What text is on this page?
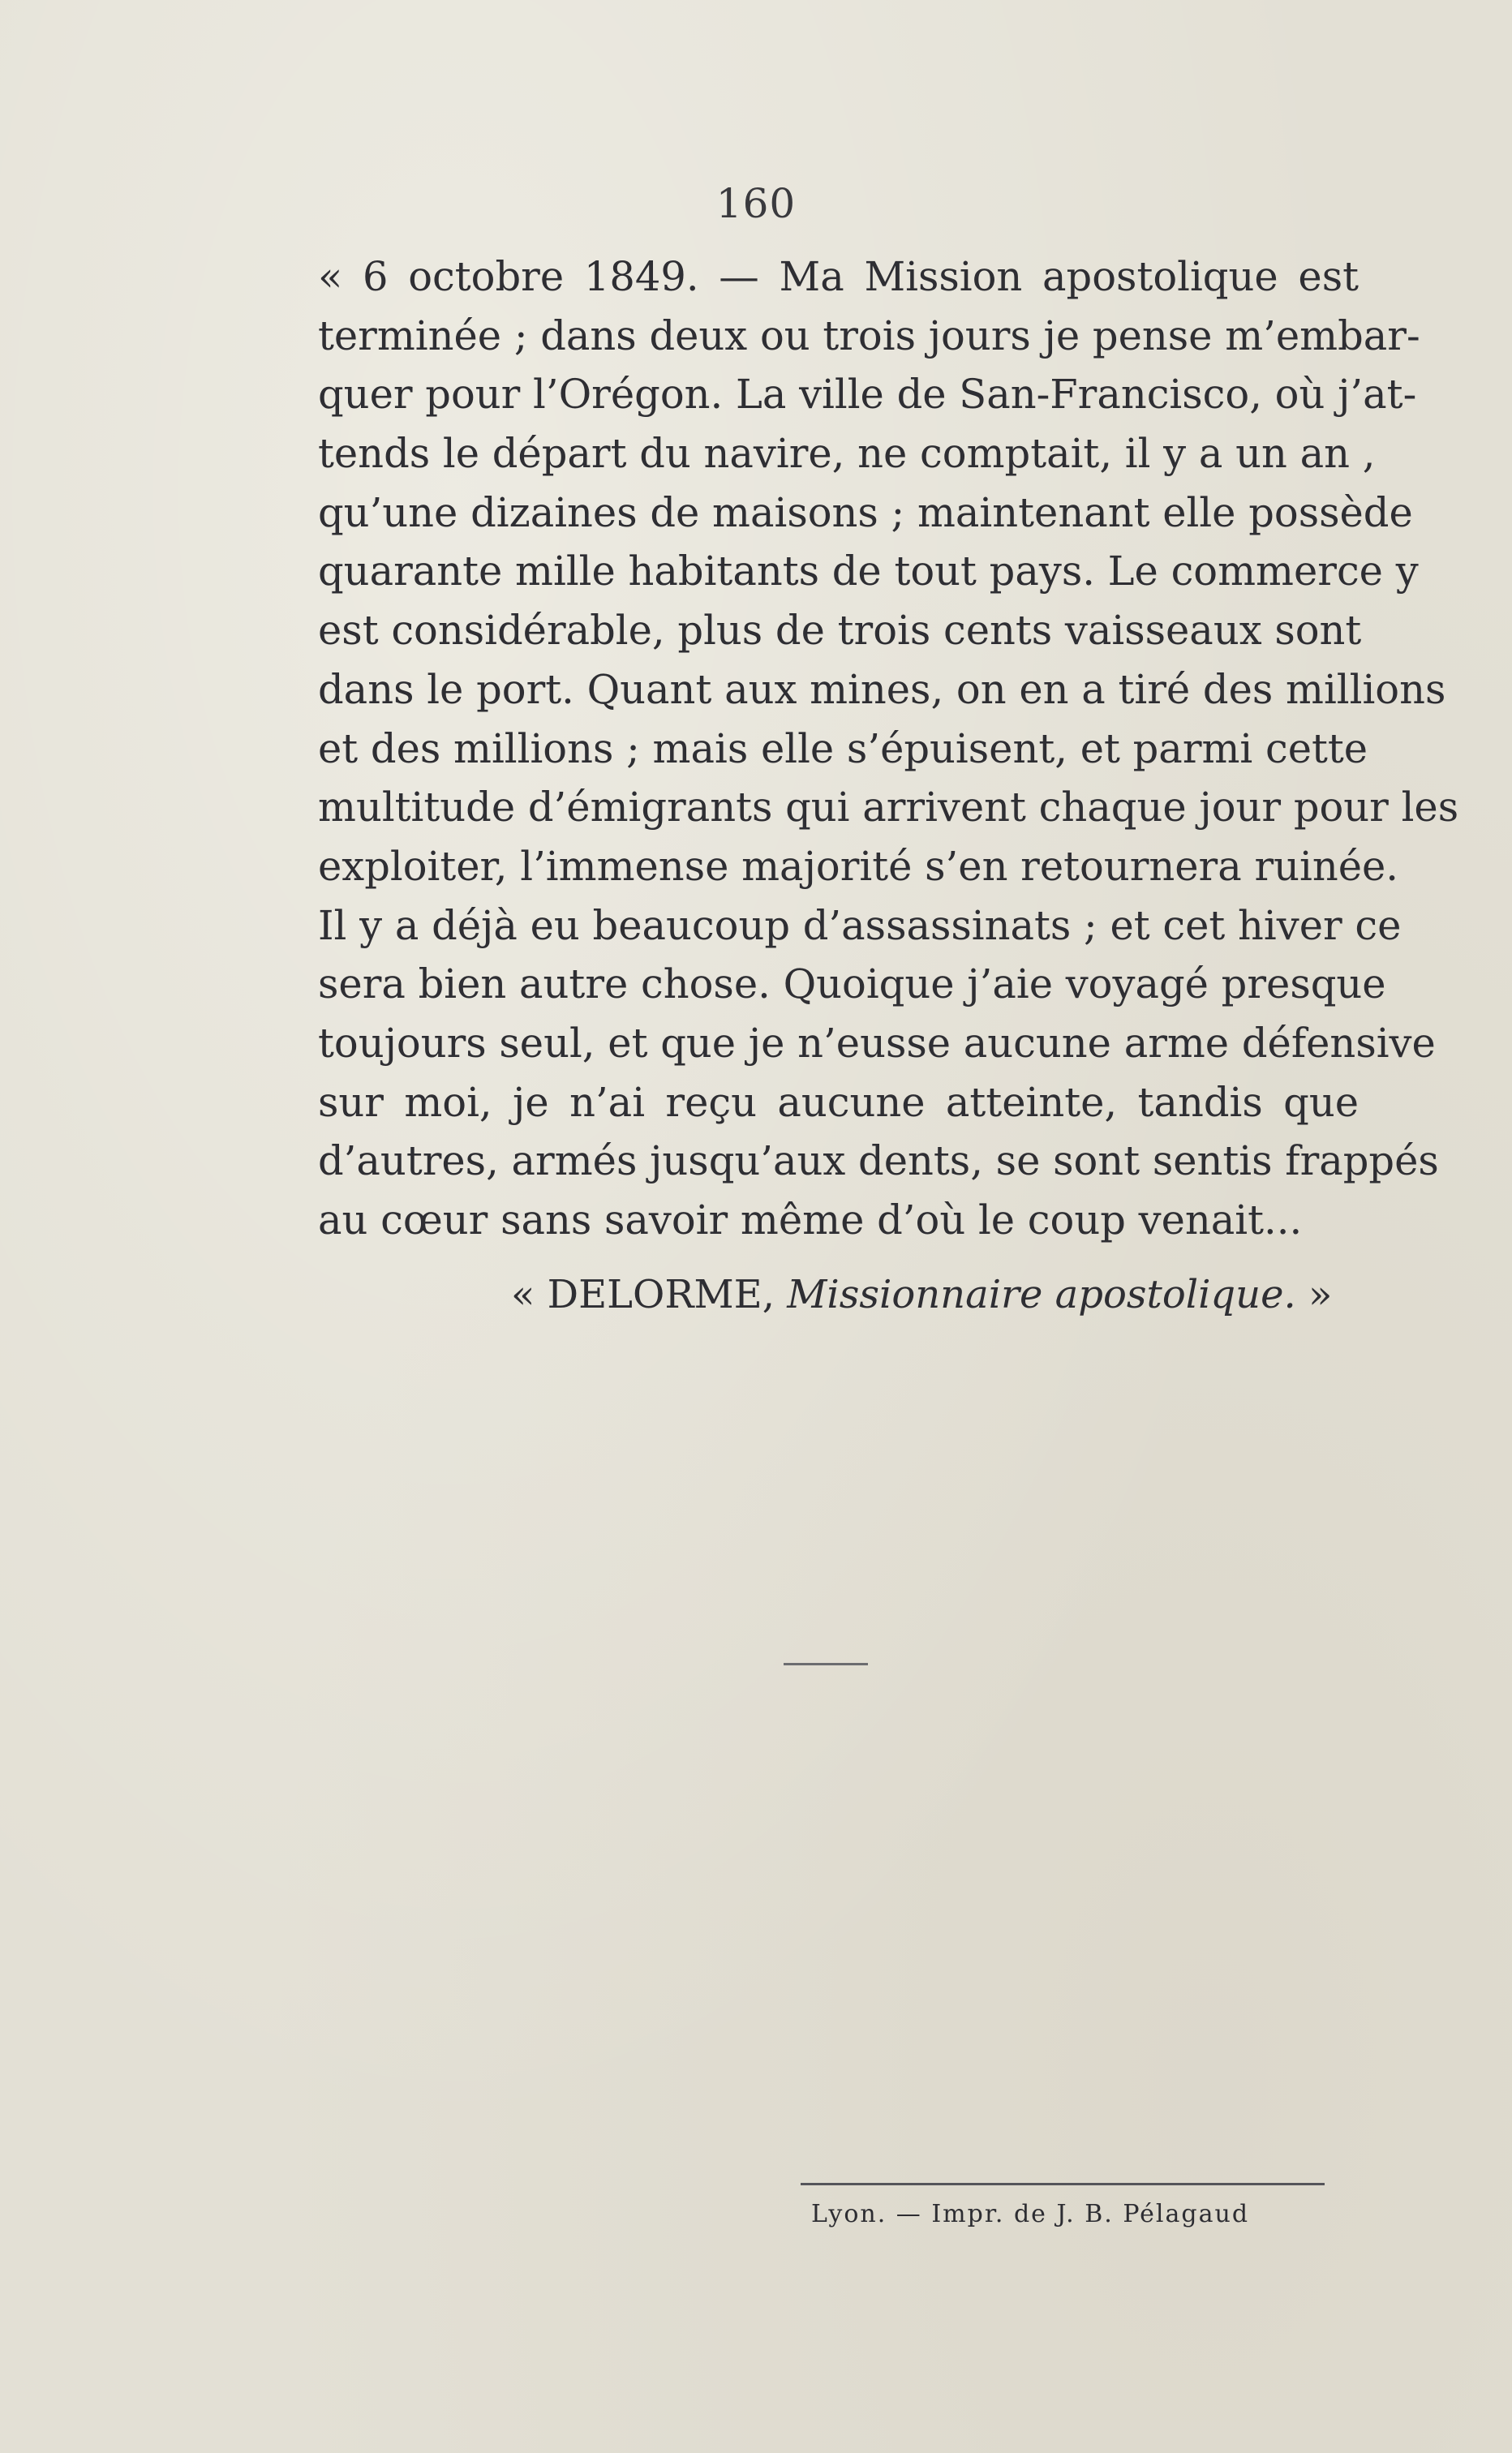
160
« 6 octobre 1849. — Ma Mission apostolique est
terminée ; dans deux ou trois jours je pense m’embar-
quer pour l’Orégon. La ville de San-Francisco, où j’at-
tends le départ du navire, ne comptait, il y a un an ,
qu’une dizaines de maisons ; maintenant elle possède
quarante mille habitants de tout pays. Le commerce y
est considérable, plus de trois cents vaisseaux sont
dans le port. Quant aux mines, on en a tiré des millions
et des millions ; mais elle s’épuisent, et parmi cette
multitude d’émigrants qui arrivent chaque jour pour les
exploiter, l’immense majorité s’en retournera ruinée.
Il y a déjà eu beaucoup d’assassinats ; et cet hiver ce
sera bien autre chose. Quoique j’aie voyagé presque
toujours seul, et que je n’eusse aucune arme défensive
sur moi, je n’ai reçu aucune atteinte, tandis que
d’autres, armés jusqu’aux dents, se sont sentis frappés
au cœur sans savoir même d’où le coup venait...
« DELORME, Missionnaire apostolique. »
Lyon. — Impr. de J. B. Pélagaud
